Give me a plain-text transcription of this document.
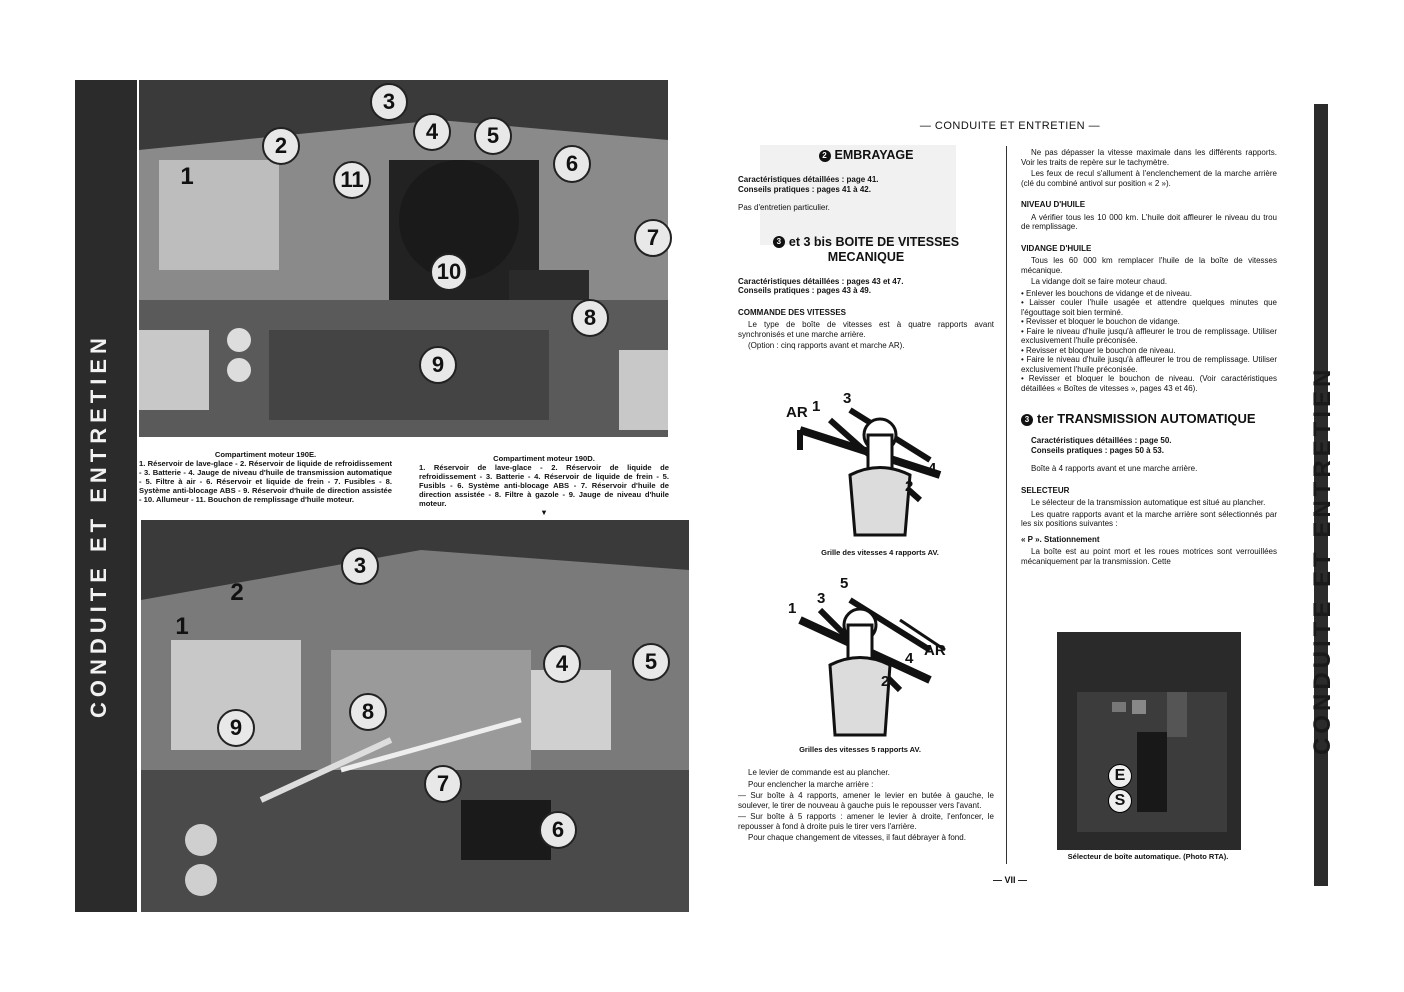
CONDUITE ET ENTRETIEN
1
2
3
4	5
6
7
8
9
10
11
Compartiment moteur 190E.
1. Réservoir de lave-glace - 2. Réservoir de liquide de refroidissement - 3. Batterie - 4. Jauge de niveau d'huile de transmission automatique - 5. Filtre à air - 6. Réservoir et liquide de frein - 7. Fusibles - 8. Système anti-blocage ABS - 9. Réservoir d'huile de direction assistée - 10. Allumeur - 11. Bouchon de remplissage d'huile moteur.
Compartiment moteur 190D.
1. Réservoir de lave-glace - 2. Réservoir de liquide de refroidissement - 3. Batterie - 4. Réservoir de liquide de frein - 5. Fusibls - 6. Système anti-blocage ABS - 7. Réservoir d'huile de direction assistée - 8. Filtre à gazole - 9. Jauge de niveau d'huile moteur.
▼
1
2
3
4	5
6
7
8
9	CONDUITE ET ENTRETIEN
— CONDUITE ET ENTRETIEN —
2 EMBRAYAGE
Caractéristiques détaillées : page 41.
Conseils pratiques : pages 41 à 42.
Pas d'entretien particulier.
3 et 3 bis BOITE DE VITESSES
MECANIQUE
Caractéristiques détaillées : pages 43 et 47.
Conseils pratiques : pages 43 à 49.
COMMANDE DES VITESSES

Le type de boîte de vitesses est à quatre rapports avant synchronisés et une marche arrière.

(Option : cinq rapports avant et marche AR).

AR 1 3
2
4
Grille des vitesses 4 rapports AV.
5
1
3
4 AR
2
Grilles des vitesses 5 rapports AV.

Le levier de commande est au plancher.

Pour enclencher la marche arrière :

— Sur boîte à 4 rapports, amener le levier en butée à gauche, le soulever, le tirer de nouveau à gauche puis le repousser vers l'avant.

— Sur boîte à 5 rapports : amener le levier à droite, l'enfoncer, le repousser à fond à droite puis le tirer vers l'arrière.

Pour chaque changement de vitesses, il faut débrayer à fond.

Ne pas dépasser la vitesse maximale dans les différents rapports. Voir les traits de repère sur le tachymètre.

Les feux de recul s'allument à l'enclenchement de la marche arrière (clé du combiné antivol sur position « 2 »).

NIVEAU D'HUILE

A vérifier tous les 10 000 km. L'huile doit affleurer le niveau du trou de remplissage.

VIDANGE D'HUILE

Tous les 60 000 km remplacer l'huile de la boîte de vitesses mécanique.

La vidange doit se faire moteur chaud.

• Enlever les bouchons de vidange et de niveau.
• Laisser couler l'huile usagée et attendre quelques minutes que l'égouttage soit bien terminé.
• Revisser et bloquer le bouchon de vidange.
• Faire le niveau d'huile jusqu'à affleurer le trou de remplissage. Utiliser exclusivement l'huile préconisée.
• Revisser et bloquer le bouchon de niveau.
• Faire le niveau d'huile jusqu'à affleurer le trou de remplissage. Utiliser exclusivement l'huile préconisée.
• Revisser et bloquer le bouchon de niveau. (Voir caractéristiques détaillées « Boîtes de vitesses », pages 43 et 46).
3 ter TRANSMISSION AUTOMATIQUE
Caractéristiques détaillées : page 50.
Conseils pratiques : pages 50 à 53.
Boîte à 4 rapports avant et une marche arrière.
SELECTEUR

Le sélecteur de la transmission automatique est situé au plancher.

Les quatre rapports avant et la marche arrière sont sélectionnés par les six positions suivantes :

« P ». Stationnement

La boîte est au point mort et les roues motrices sont verrouillées mécaniquement par la transmission. Cette

E
S
Sélecteur de boîte automatique. (Photo RTA).
— VII —
